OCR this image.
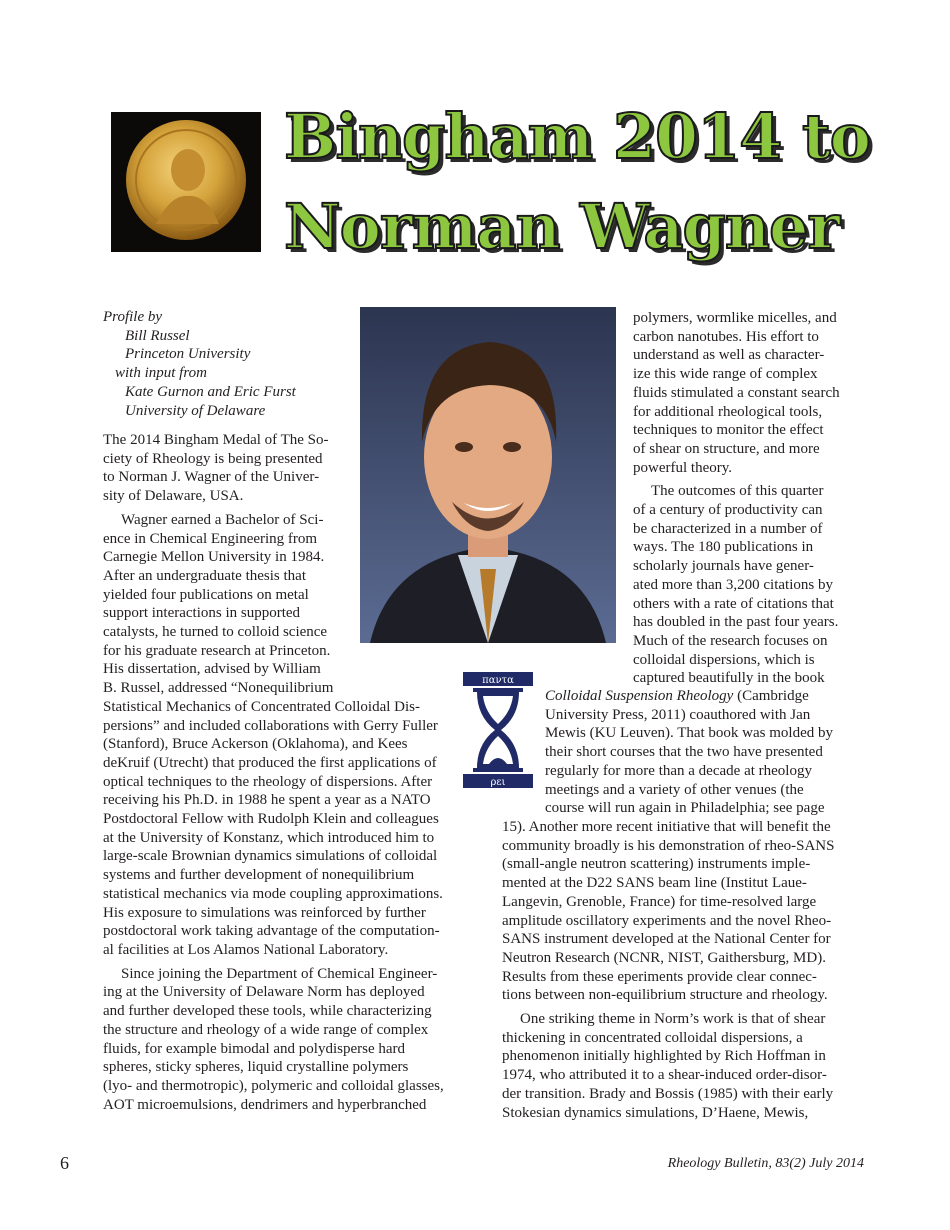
Bingham 2014 to
Norman Wagner
Profile by
Bill Russel
Princeton University
with input from
Kate Gurnon and Eric Furst
University of Delaware
παντα
ρει
The 2014 Bingham Medal of The So-
ciety of Rheology is being presented
to Norman J. Wagner of the Univer-
sity of Delaware, USA.
Wagner earned a Bachelor of Sci-
ence in Chemical Engineering from
Carnegie Mellon University in 1984.
After an undergraduate thesis that
yielded four publications on metal
support interactions in supported
catalysts, he turned to colloid science
for his graduate research at Princeton.
His dissertation, advised by William
B. Russel, addressed “Nonequilibrium
Statistical Mechanics of Concentrated Colloidal Dis-
persions” and included collaborations with Gerry Fuller
(Stanford), Bruce Ackerson (Oklahoma), and Kees
deKruif (Utrecht) that produced the first applications of
optical techniques to the rheology of dispersions. After
receiving his Ph.D. in 1988 he spent a year as a NATO
Postdoctoral Fellow with Rudolph Klein and colleagues
at the University of Konstanz, which introduced him to
large-scale Brownian dynamics simulations of colloidal
systems and further development of nonequilibrium
statistical mechanics via mode coupling approximations.
His exposure to simulations was reinforced by further
postdoctoral work taking advantage of the computation-
al facilities at Los Alamos National Laboratory.
Since joining the Department of Chemical Engineer-
ing at the University of Delaware Norm has deployed
and further developed these tools, while characterizing
the structure and rheology of a wide range of complex
fluids, for example bimodal and polydisperse hard
spheres, sticky spheres, liquid crystalline polymers
(lyo- and thermotropic), polymeric and colloidal glasses,
AOT microemulsions, dendrimers and hyperbranched
polymers, wormlike micelles, and
carbon nanotubes. His effort to
understand as well as character-
ize this wide range of complex
fluids stimulated a constant search
for additional rheological tools,
techniques to monitor the effect
of shear on structure, and more
powerful theory.
The outcomes of this quarter
of a century of productivity can
be characterized in a number of
ways. The 180 publications in
scholarly journals have gener-
ated more than 3,200 citations by
others with a rate of citations that
has doubled in the past four years.
Much of the research focuses on
colloidal dispersions, which is
captured beautifully in the book
Colloidal Suspension Rheology (Cambridge
University Press, 2011) coauthored with Jan
Mewis (KU Leuven). That book was molded by
their short courses that the two have presented
regularly for more than a decade at rheology
meetings and a variety of other venues (the
course will run again in Philadelphia; see page
15). Another more recent initiative that will benefit the
community broadly is his demonstration of rheo-SANS
(small-angle neutron scattering) instruments imple-
mented at the D22 SANS beam line (Institut Laue-
Langevin, Grenoble, France) for time-resolved large
amplitude oscillatory experiments and the novel Rheo-
SANS instrument developed at the National Center for
Neutron Research (NCNR, NIST, Gaithersburg, MD).
Results from these eperiments provide clear connec-
tions between non-equilibrium structure and rheology.
One striking theme in Norm’s work is that of shear
thickening in concentrated colloidal dispersions, a
phenomenon initially highlighted by Rich Hoffman in
1974, who attributed it to a shear-induced order-disor-
der transition. Brady and Bossis (1985) with their early
Stokesian dynamics simulations, D’Haene, Mewis,
6	Rheology Bulletin, 83(2) July 2014
